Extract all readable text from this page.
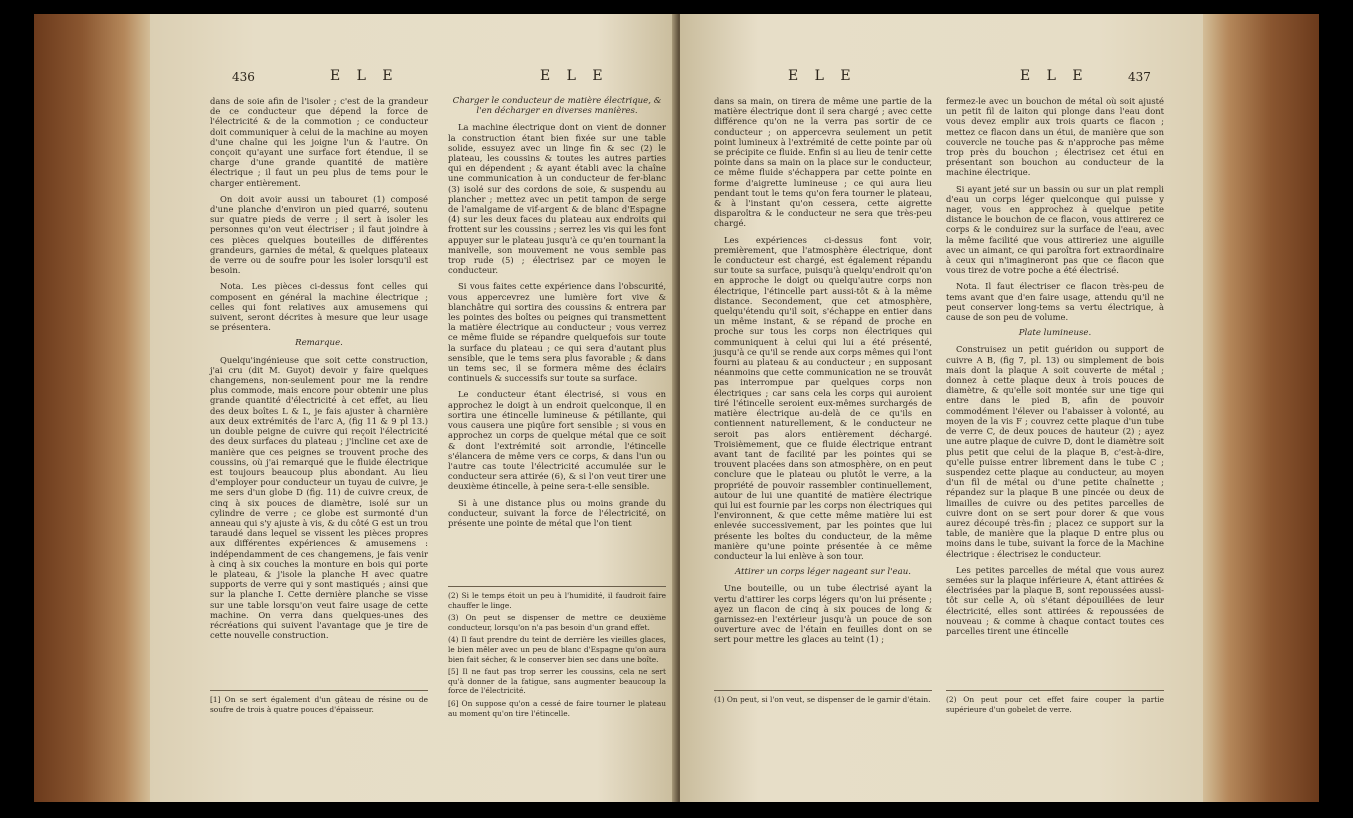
436	E L E	E L E

dans de soie afin de l'isoler ; c'est de la grandeur de ce conducteur que dépend la force de l'électricité & de la commotion ; ce conducteur doit communiquer à celui de la machine au moyen d'une chaîne qui les joigne l'un & l'autre. On conçoit qu'ayant une surface fort étendue, il se charge d'une grande quantité de matière électrique ; il faut un peu plus de tems pour le charger entièrement.

On doit avoir aussi un tabouret (1) composé d'une planche d'environ un pied quarré, soutenu sur quatre pieds de verre ; il sert à isoler les personnes qu'on veut électriser ; il faut joindre à ces pièces quelques bouteilles de différentes grandeurs, garnies de métal, & quelques plateaux de verre ou de soufre pour les isoler lorsqu'il est besoin.

Nota. Les pièces ci-dessus font celles qui composent en général la machine électrique ; celles qui font relatives aux amusemens qui suivent, seront décrites à mesure que leur usage se présentera.

Remarque.

Quelqu'ingénieuse que soit cette construction, j'ai cru (dit M. Guyot) devoir y faire quelques changemens, non-seulement pour me la rendre plus commode, mais encore pour obtenir une plus grande quantité d'électricité à cet effet, au lieu des deux boîtes L & L, je fais ajuster à charnière aux deux extrémités de l'arc A, (fig 11 & 9 pl 13.) un double peigne de cuivre qui reçoit l'électricité des deux surfaces du plateau ; j'incline cet axe de manière que ces peignes se trouvent proche des coussins, où j'ai remarqué que le fluide électrique est toujours beaucoup plus abondant. Au lieu d'employer pour conducteur un tuyau de cuivre, je me sers d'un globe D (fig. 11) de cuivre creux, de cinq à six pouces de diamètre, isolé sur un cylindre de verre ; ce globe est surmonté d'un anneau qui s'y ajuste à vis, & du côté G est un trou taraudé dans lequel se vissent les pièces propres aux différentes expériences & amusemens : indépendamment de ces changemens, je fais venir à cinq à six couches la monture en bois qui porte le plateau, & j'isole la planche H avec quatre supports de verre qui y sont mastiqués ; ainsi que sur la planche I. Cette dernière planche se visse sur une table lorsqu'on veut faire usage de cette machine. On verra dans quelques-unes des récréations qui suivent l'avantage que je tire de cette nouvelle construction.

[1] On se sert également d'un gâteau de résine ou de soufre de trois à quatre pouces d'épaisseur.

Charger le conducteur de matière électrique, & l'en décharger en diverses manières.

La machine électrique dont on vient de donner la construction étant bien fixée sur une table solide, essuyez avec un linge fin & sec (2) le plateau, les coussins & toutes les autres parties qui en dépendent ; & ayant établi avec la chaîne une communication à un conducteur de fer-blanc (3) isolé sur des cordons de soie, & suspendu au plancher ; mettez avec un petit tampon de serge de l'amalgame de vif-argent & de blanc d'Espagne (4) sur les deux faces du plateau aux endroits qui frottent sur les coussins ; serrez les vis qui les font appuyer sur le plateau jusqu'à ce qu'en tournant la manivelle, son mouvement ne vous semble pas trop rude (5) ; électrisez par ce moyen le conducteur.

Si vous faites cette expérience dans l'obscurité, vous appercevrez une lumière fort vive & blanchâtre qui sortira des coussins & entrera par les pointes des boîtes ou peignes qui transmettent la matière électrique au conducteur ; vous verrez ce même fluide se répandre quelquefois sur toute la surface du plateau ; ce qui sera d'autant plus sensible, que le tems sera plus favorable ; & dans un tems sec, il se formera même des éclairs continuels & successifs sur toute sa surface.

Le conducteur étant électrisé, si vous en approchez le doigt à un endroit quelconque, il en sortira une étincelle lumineuse & pétillante, qui vous causera une piqûre fort sensible ; si vous en approchez un corps de quelque métal que ce soit & dont l'extrémité soit arrondie, l'étincelle s'élancera de même vers ce corps, & dans l'un ou l'autre cas toute l'électricité accumulée sur le conducteur sera attirée (6), & si l'on veut tirer une deuxième étincelle, à peine sera-t-elle sensible.

Si à une distance plus ou moins grande du conducteur, suivant la force de l'électricité, on présente une pointe de métal que l'on tient

(2) Si le temps étoit un peu à l'humidité, il faudroit faire chauffer le linge.

(3) On peut se dispenser de mettre ce deuxième conducteur, lorsqu'on n'a pas besoin d'un grand effet.

(4) Il faut prendre du teint de derrière les vieilles glaces, le bien mêler avec un peu de blanc d'Espagne qu'on aura bien fait sécher, & le conserver bien sec dans une boîte.

[5] Il ne faut pas trop serrer les coussins, cela ne sert qu'à donner de la fatigue, sans augmenter beaucoup la force de l'électricité.

[6] On suppose qu'on a cessé de faire tourner le plateau au moment qu'on tire l'étincelle.

E L E	E L E	437

dans sa main, on tirera de même une partie de la matière électrique dont il sera chargé ; avec cette différence qu'on ne la verra pas sortir de ce conducteur ; on appercevra seulement un petit point lumineux à l'extrémité de cette pointe par où se précipite ce fluide. Enfin si au lieu de tenir cette pointe dans sa main on la place sur le conducteur, ce même fluide s'échappera par cette pointe en forme d'aigrette lumineuse ; ce qui aura lieu pendant tout le tems qu'on fera tourner le plateau, & à l'instant qu'on cessera, cette aigrette disparoîtra & le conducteur ne sera que très-peu chargé.

Les expériences ci-dessus font voir, premièrement, que l'atmosphère électrique, dont le conducteur est chargé, est également répandu sur toute sa surface, puisqu'à quelqu'endroit qu'on en approche le doigt ou quelqu'autre corps non électrique, l'étincelle part aussi-tôt & à la même distance. Secondement, que cet atmosphère, quelqu'étendu qu'il soit, s'échappe en entier dans un même instant, & se répand de proche en proche sur tous les corps non électriques qui communiquent à celui qui lui a été présenté, jusqu'à ce qu'il se rende aux corps mêmes qui l'ont fourni au plateau & au conducteur ; en supposant néanmoins que cette communication ne se trouvât pas interrompue par quelques corps non électriques ; car sans cela les corps qui auroient tiré l'étincelle seroient eux-mêmes surchargés de matière électrique au-delà de ce qu'ils en contiennent naturellement, & le conducteur ne seroit pas alors entièrement déchargé. Troisièmement, que ce fluide électrique entrant avant tant de facilité par les pointes qui se trouvent placées dans son atmosphère, on en peut conclure que le plateau ou plutôt le verre, a la propriété de pouvoir rassembler continuellement, autour de lui une quantité de matière électrique qui lui est fournie par les corps non électriques qui l'environnent, & que cette même matière lui est enlevée successivement, par les pointes que lui présente les boîtes du conducteur, de la même manière qu'une pointe présentée à ce même conducteur la lui enlève à son tour.

Attirer un corps léger nageant sur l'eau.

Une bouteille, ou un tube électrisé ayant la vertu d'attirer les corps légers qu'on lui présente ; ayez un flacon de cinq à six pouces de long & garnissez-en l'extérieur jusqu'à un pouce de son ouverture avec de l'étain en feuilles dont on se sert pour mettre les glaces au teint (1) ;

(1) On peut, si l'on veut, se dispenser de le garnir d'étain.

fermez-le avec un bouchon de métal où soit ajusté un petit fil de laiton qui plonge dans l'eau dont vous devez emplir aux trois quarts ce flacon ; mettez ce flacon dans un étui, de manière que son couvercle ne touche pas & n'approche pas même trop près du bouchon ; électrisez cet étui en présentant son bouchon au conducteur de la machine électrique.

Si ayant jeté sur un bassin ou sur un plat rempli d'eau un corps léger quelconque qui puisse y nager, vous en approchez à quelque petite distance le bouchon de ce flacon, vous attirerez ce corps & le conduirez sur la surface de l'eau, avec la même facilité que vous attireriez une aiguille avec un aimant, ce qui paroîtra fort extraordinaire à ceux qui n'imagineront pas que ce flacon que vous tirez de votre poche a été électrisé.

Nota. Il faut électriser ce flacon très-peu de tems avant que d'en faire usage, attendu qu'il ne peut conserver long-tems sa vertu électrique, à cause de son peu de volume.

Plate lumineuse.

Construisez un petit guéridon ou support de cuivre A B, (fig 7, pl. 13) ou simplement de bois mais dont la plaque A soit couverte de métal ; donnez à cette plaque deux à trois pouces de diamètre, & qu'elle soit montée sur une tige qui entre dans le pied B, afin de pouvoir commodément l'élever ou l'abaisser à volonté, au moyen de la vis F ; couvrez cette plaque d'un tube de verre C, de deux pouces de hauteur (2) ; ayez une autre plaque de cuivre D, dont le diamètre soit plus petit que celui de la plaque B, c'est-à-dire, qu'elle puisse entrer librement dans le tube C ; suspendez cette plaque au conducteur, au moyen d'un fil de métal ou d'une petite chaînette ; répandez sur la plaque B une pincée ou deux de limailles de cuivre ou des petites parcelles de cuivre dont on se sert pour dorer & que vous aurez découpé très-fin ; placez ce support sur la table, de manière que la plaque D entre plus ou moins dans le tube, suivant la force de la Machine électrique : électrisez le conducteur.

Les petites parcelles de métal que vous aurez semées sur la plaque inférieure A, étant attirées & électrisées par la plaque B, sont repoussées aussi-tôt sur celle A, où s'étant dépouillées de leur électricité, elles sont attirées & repoussées de nouveau ; & comme à chaque contact toutes ces parcelles tirent une étincelle

(2) On peut pour cet effet faire couper la partie supérieure d'un gobelet de verre.
